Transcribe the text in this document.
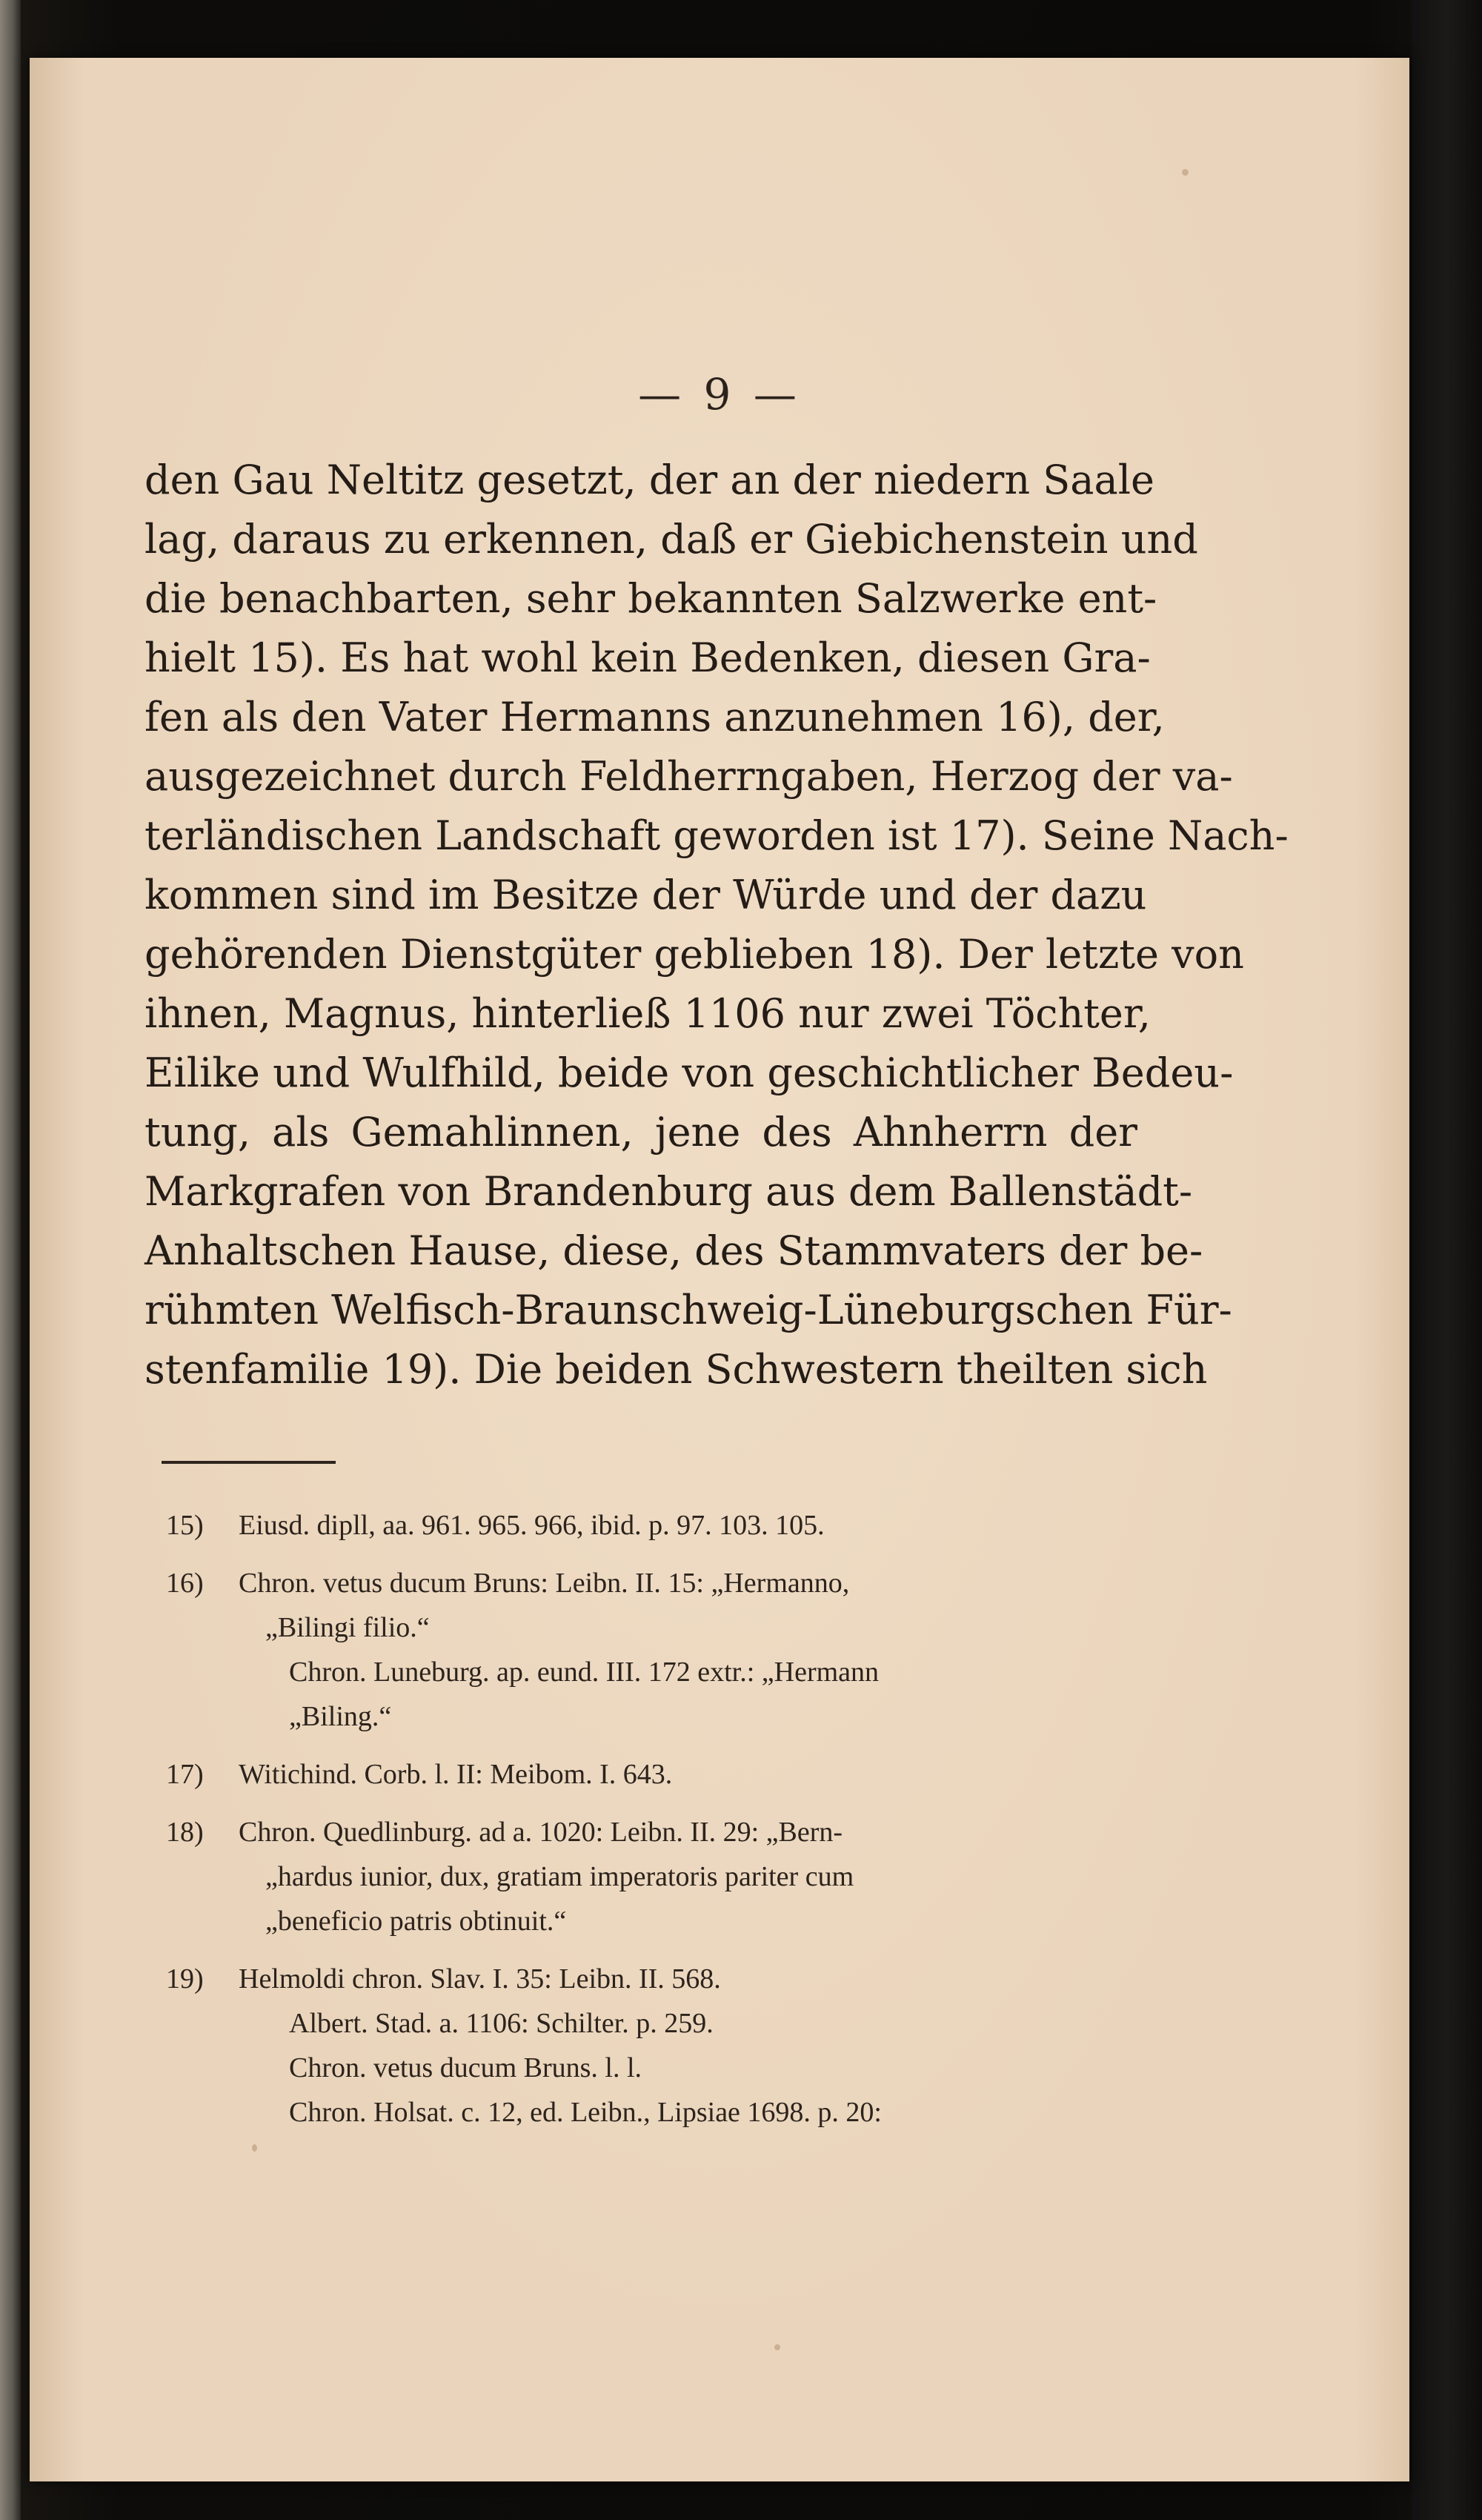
— 9 —
den Gau Neltitz gesetzt, der an der niedern Saale
lag, daraus zu erkennen, daß er Giebichenstein und
die benachbarten, sehr bekannten Salzwerke ent-
hielt 15). Es hat wohl kein Bedenken, diesen Gra-
fen als den Vater Hermanns anzunehmen 16), der,
ausgezeichnet durch Feldherrngaben, Herzog der va-
terländischen Landschaft geworden ist 17). Seine Nach-
kommen sind im Besitze der Würde und der dazu
gehörenden Dienstgüter geblieben 18). Der letzte von
ihnen, Magnus, hinterließ 1106 nur zwei Töchter,
Eilike und Wulfhild, beide von geschichtlicher Bedeu-
tung, als Gemahlinnen, jene des Ahnherrn der
Markgrafen von Brandenburg aus dem Ballenstädt-
Anhaltschen Hause, diese, des Stammvaters der be-
rühmten Welfisch-Braunschweig-Lüneburgschen Für-
stenfamilie 19). Die beiden Schwestern theilten sich
15) Eiusd. dipll, aa. 961. 965. 966, ibid. p. 97. 103. 105.
16) Chron. vetus ducum Bruns: Leibn. II. 15: „Hermanno,
„Bilingi filio.“
Chron. Luneburg. ap. eund. III. 172 extr.: „Hermann
„Biling.“
17) Witichind. Corb. l. II: Meibom. I. 643.
18) Chron. Quedlinburg. ad a. 1020: Leibn. II. 29: „Bern-
„hardus iunior, dux, gratiam imperatoris pariter cum
„beneficio patris obtinuit.“
19) Helmoldi chron. Slav. I. 35: Leibn. II. 568.
Albert. Stad. a. 1106: Schilter. p. 259.
Chron. vetus ducum Bruns. l. l.
Chron. Holsat. c. 12, ed. Leibn., Lipsiae 1698. p. 20:
